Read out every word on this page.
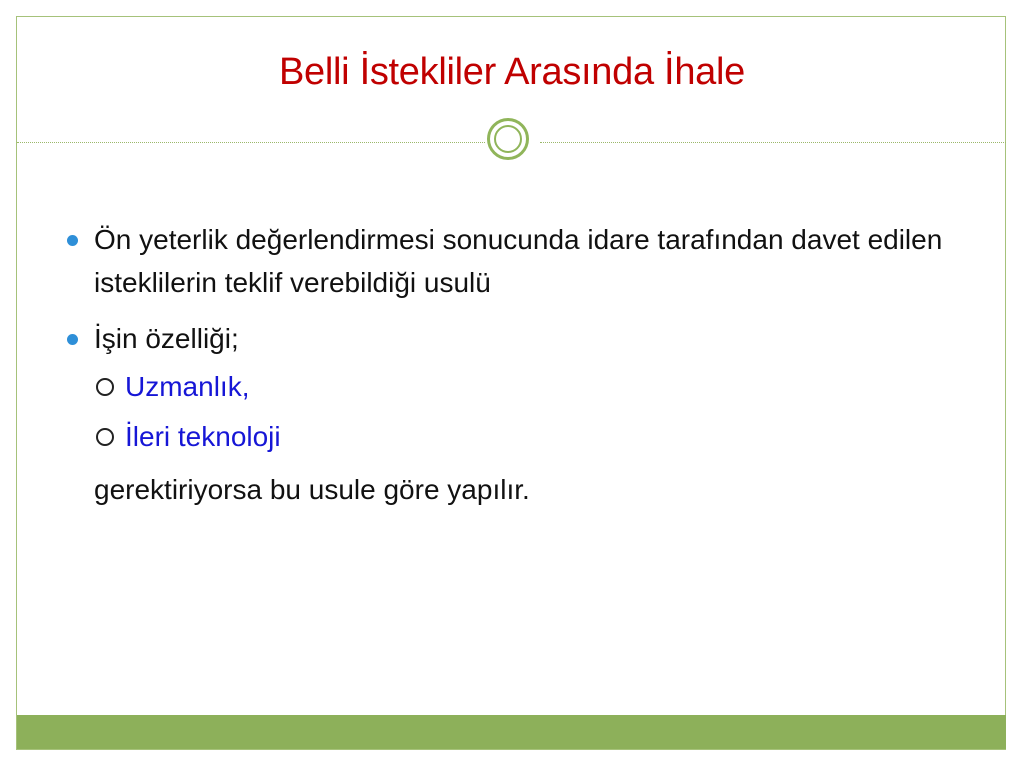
Belli İstekliler Arasında İhale
Ön yeterlik değerlendirmesi sonucunda idare tarafından davet edilen isteklilerin teklif verebildiği usulü
İşin özelliği;
Uzmanlık,
İleri teknoloji
gerektiriyorsa bu usule göre yapılır.
